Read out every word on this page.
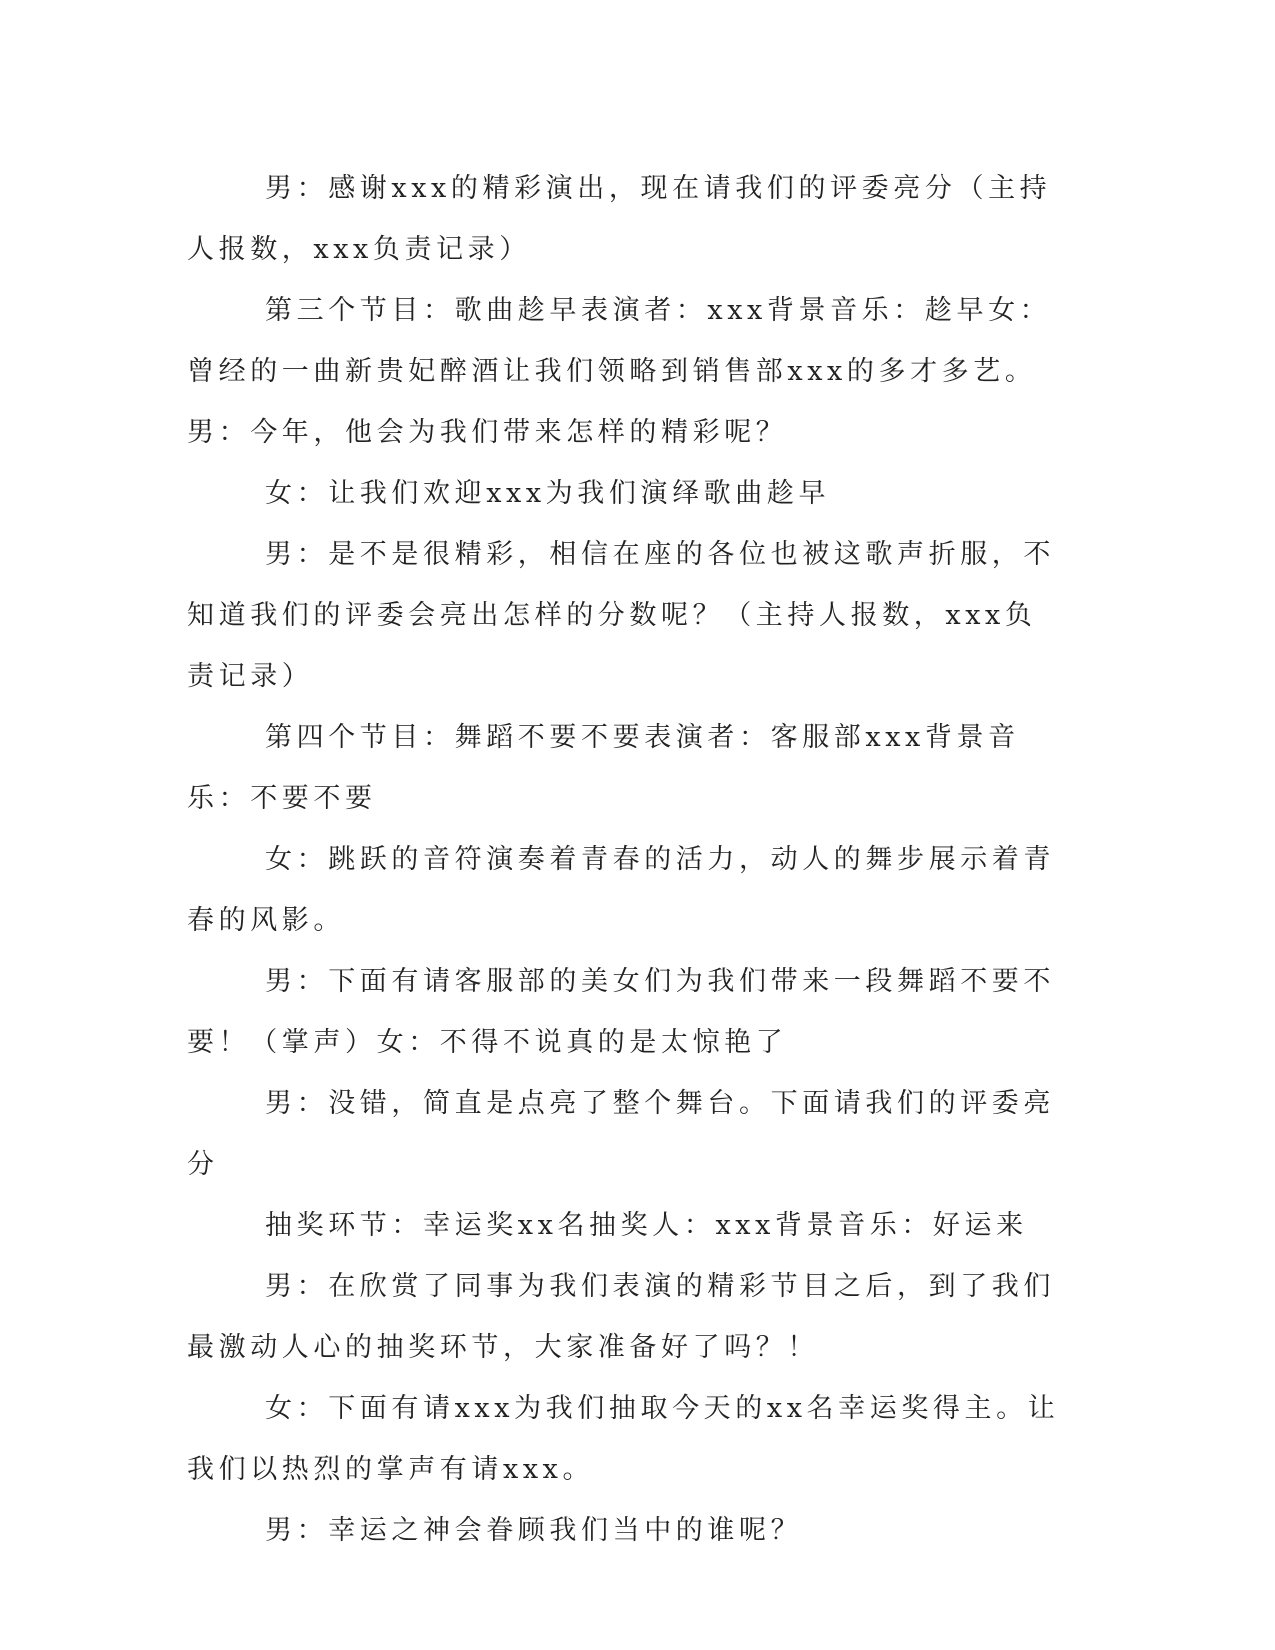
男：感谢xxx的精彩演出，现在请我们的评委亮分（主持人报数，xxx负责记录）

第三个节目：歌曲趁早表演者：xxx背景音乐：趁早女：曾经的一曲新贵妃醉酒让我们领略到销售部xxx的多才多艺。男：今年，他会为我们带来怎样的精彩呢？

女：让我们欢迎xxx为我们演绎歌曲趁早

男：是不是很精彩，相信在座的各位也被这歌声折服，不知道我们的评委会亮出怎样的分数呢？（主持人报数，xxx负责记录）

第四个节目：舞蹈不要不要表演者：客服部xxx背景音乐：不要不要

女：跳跃的音符演奏着青春的活力，动人的舞步展示着青春的风影。

男：下面有请客服部的美女们为我们带来一段舞蹈不要不要！（掌声）女：不得不说真的是太惊艳了

男：没错，简直是点亮了整个舞台。下面请我们的评委亮分

抽奖环节：幸运奖xx名抽奖人：xxx背景音乐：好运来

男：在欣赏了同事为我们表演的精彩节目之后，到了我们最激动人心的抽奖环节，大家准备好了吗？！

女：下面有请xxx为我们抽取今天的xx名幸运奖得主。让我们以热烈的掌声有请xxx。

男：幸运之神会眷顾我们当中的谁呢？
